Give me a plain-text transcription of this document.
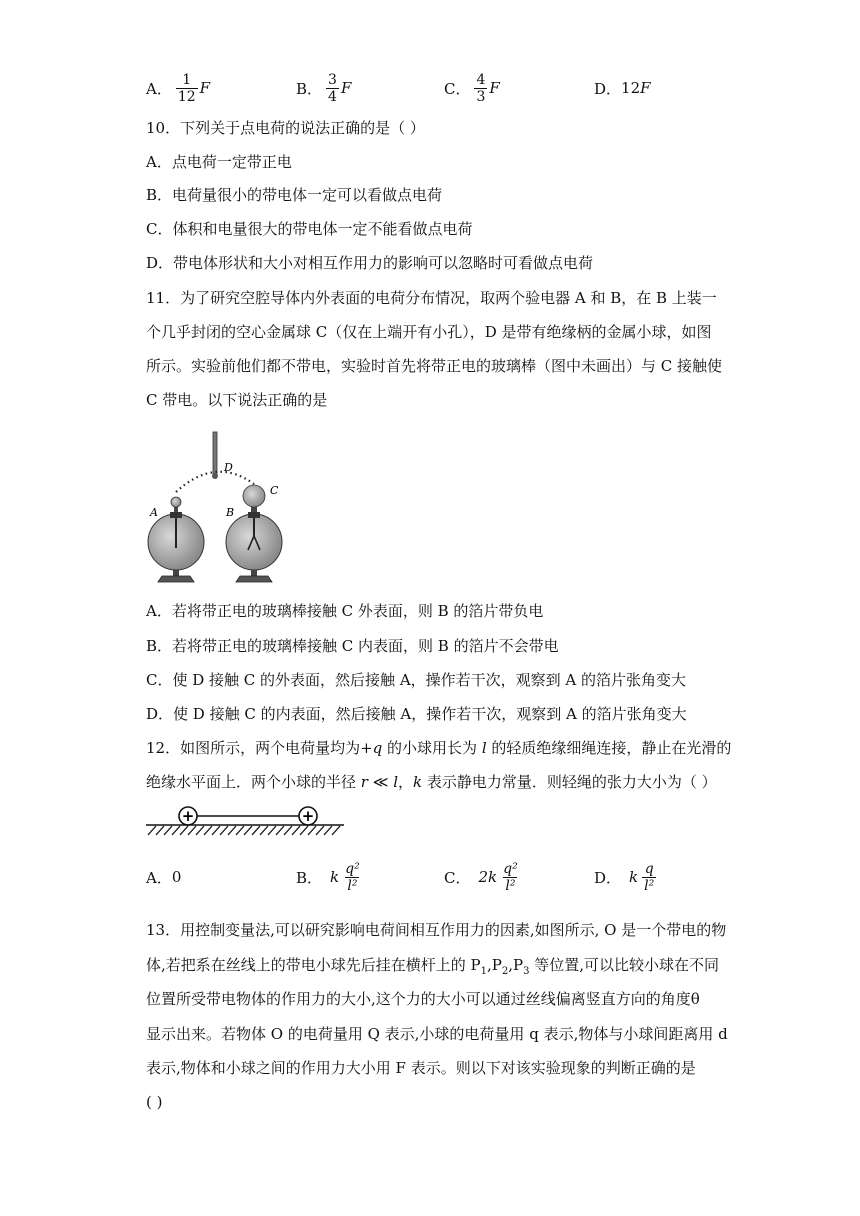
A． $\frac{1}{12}$ F	B． $\frac{3}{4}$ F	C． $\frac{4}{3}$ F	D． 12 F
10．下列关于点电荷的说法正确的是（ ）
A．点电荷一定带正电
B．电荷量很小的带电体一定可以看做点电荷
C．体积和电量很大的带电体一定不能看做点电荷
D．带电体形状和大小对相互作用力的影响可以忽略时可看做点电荷
11．为了研究空腔导体内外表面的电荷分布情况，取两个验电器 A 和 B，在 B 上装一
个几乎封闭的空心金属球 C（仅在上端开有小孔），D 是带有绝缘柄的金属小球，如图
所示。实验前他们都不带电，实验时首先将带正电的玻璃棒（图中未画出）与 C 接触使
C 带电。以下说法正确的是
D
C
A	B
A．若将带正电的玻璃棒接触 C 外表面，则 B 的箔片带负电
B．若将带正电的玻璃棒接触 C 内表面，则 B 的箔片不会带电
C．使 D 接触 C 的外表面，然后接触 A，操作若干次，观察到 A 的箔片张角变大
D．使 D 接触 C 的内表面，然后接触 A，操作若干次，观察到 A 的箔片张角变大
12．如图所示，两个电荷量均为+q 的小球用长为 l 的轻质绝缘细绳连接，静止在光滑的
绝缘水平面上．两个小球的半径 r ≪ l，k 表示静电力常量．则轻绳的张力大小为（ ）
+	+
A． 0	B． k $\frac{\text{q²}}{\text{l²}}$	C． $2k \frac{\text{q²}}{\text{l²}}$	D． k $\frac{q}{\text{l²}}$
13．用控制变量法,可以研究影响电荷间相互作用力的因素,如图所示, O 是一个带电的物
体,若把系在丝线上的带电小球先后挂在横杆上的 $P_1,P_2,P_3$ 等位置,可以比较小球在不同
位置所受带电物体的作用力的大小,这个力的大小可以通过丝线偏离竖直方向的角度θ
显示出来。若物体 O 的电荷量用 Q 表示,小球的电荷量用 q 表示,物体与小球间距离用 d
表示,物体和小球之间的作用力大小用 F 表示。则以下对该实验现象的判断正确的是
( )
